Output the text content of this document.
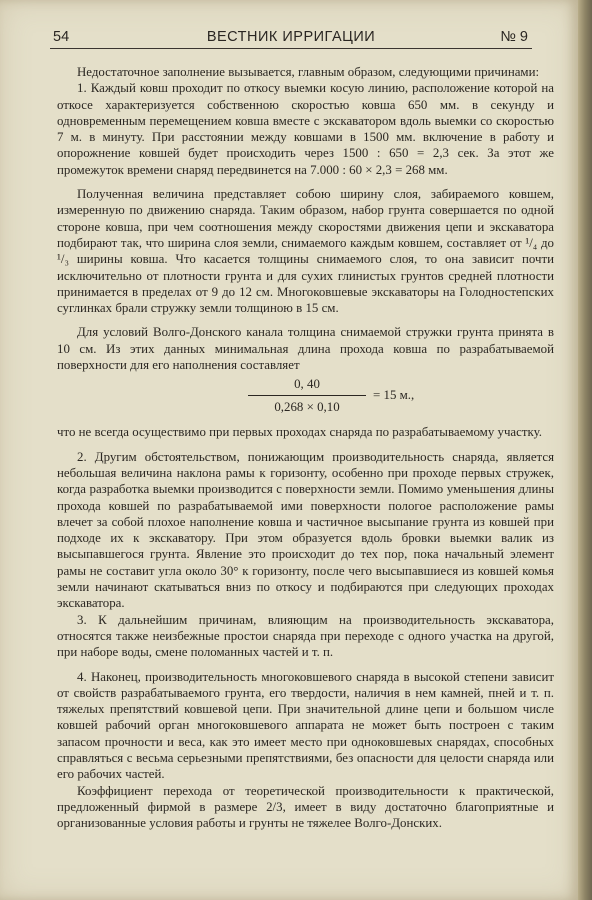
54	ВЕСТНИК ИРРИГАЦИИ	№ 9

Недостаточное заполнение вызывается, главным образом, следующими причинами:

1. Каждый ковш проходит по откосу выемки косую линию, расположение которой на откосе характеризуется собственною скоростью ковша 650 мм. в секунду и одновременным перемещением ковша вместе с экскаватором вдоль выемки со скоростью 7 м. в минуту. При расстоянии между ковшами в 1500 мм. включение в работу и опорожнение ковшей будет происходить через 1500 : 650 = 2,3 сек. За этот же промежуток времени снаряд передвинется на 7.000 : 60 × 2,3 = 268 мм.

Полученная величина представляет собою ширину слоя, забираемого ковшем, измеренную по движению снаряда. Таким образом, набор грунта совершается по одной стороне ковша, при чем соотношения между скоростями движения цепи и экскаватора подбирают так, что ширина слоя земли, снимаемого каждым ковшем, составляет от ¹/₄ до ¹/₃ ширины ковша. Что касается толщины снимаемого слоя, то она зависит почти исключительно от плотности грунта и для сухих глинистых грунтов средней плотности принимается в пределах от 9 до 12 см. Многоковшевые экскаваторы на Голодностепских суглинках брали стружку земли толщиною в 15 см.

Для условий Волго-Донского канала толщина снимаемой стружки грунта принята в 10 см. Из этих данных минимальная длина прохода ковша по разрабатываемой поверхности для его наполнения составляет

$\frac{0, 40}{0,268 \times 0,10} = 15$ м.,

что не всегда осуществимо при первых проходах снаряда по разрабатываемому участку.

2. Другим обстоятельством, понижающим производительность снаряда, является небольшая величина наклона рамы к горизонту, особенно при проходе первых стружек, когда разработка выемки производится с поверхности земли. Помимо уменьшения длины прохода ковшей по разрабатываемой ими поверхности пологое расположение рамы влечет за собой плохое наполнение ковша и частичное высыпание грунта из ковшей при подходе их к экскаватору. При этом образуется вдоль бровки выемки валик из высыпавшегося грунта. Явление это происходит до тех пор, пока начальный элемент рамы не составит угла около 30° к горизонту, после чего высыпавшиеся из ковшей комья земли начинают скатываться вниз по откосу и подбираются при следующих проходах экскаватора.

3. К дальнейшим причинам, влияющим на производительность экскаватора, относятся также неизбежные простои снаряда при переходе с одного участка на другой, при наборе воды, смене поломанных частей и т. п.

4. Наконец, производительность многоковшевого снаряда в высокой степени зависит от свойств разрабатываемого грунта, его твердости, наличия в нем камней, пней и т. п. тяжелых препятствий ковшевой цепи. При значительной длине цепи и большом числе ковшей рабочий орган многоковшевого аппарата не может быть построен с таким запасом прочности и веса, как это имеет место при одноковшевых снарядах, способных справляться с весьма серьезными препятствиями, без опасности для целости снаряда или его рабочих частей.

Коэффициент перехода от теоретической производительности к практической, предложенный фирмой в размере 2/3, имеет в виду достаточно благоприятные и организованные условия работы и грунты не тяжелее Волго-Донских.
